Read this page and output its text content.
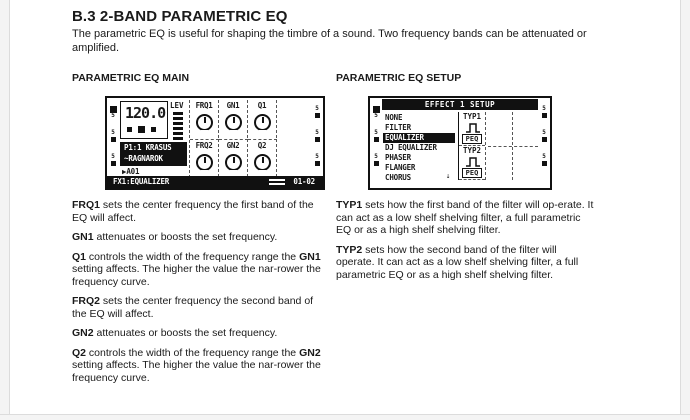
B.3 2-BAND PARAMETRIC EQ
The parametric EQ is useful for shaping the timbre of a sound. Two frequency bands can be attenuated or amplified.
PARAMETRIC EQ MAIN
5
5
5
5
5
5
120.0 LEV	FRQ1	GN1	Q1
FRQ2	GN2	Q2
P1:1 KRASUS
~RAGNAROK
▶A01
FX1:EQUALIZER	01-02

FRQ1 sets the center frequency the first band of the EQ will affect.

GN1 attenuates or boosts the set frequency.

Q1 controls the width of the frequency range the GN1 setting affects. The higher the value the nar-rower the frequency curve.

FRQ2 sets the center frequency the second band of the EQ will affect.

GN2 attenuates or boosts the set frequency.

Q2 controls the width of the frequency range the GN2 setting affects. The higher the value the nar-rower the frequency curve.

PARAMETRIC EQ SETUP
5
5
5
5
5
5
EFFECT 1 SETUP
NONE
FILTER
EQUALIZER
DJ EQUALIZER
PHASER
FLANGER
CHORUS	⇣
TYP1
PEQ
TYP2
PEQ

TYP1 sets how the first band of the filter will op-erate. It can act as a low shelf shelving filter, a full parametric EQ or as a high shelf shelving filter.

TYP2 sets how the second band of the filter will operate. It can act as a low shelf shelving filter, a full parametric EQ or as a high shelf shelving filter.
